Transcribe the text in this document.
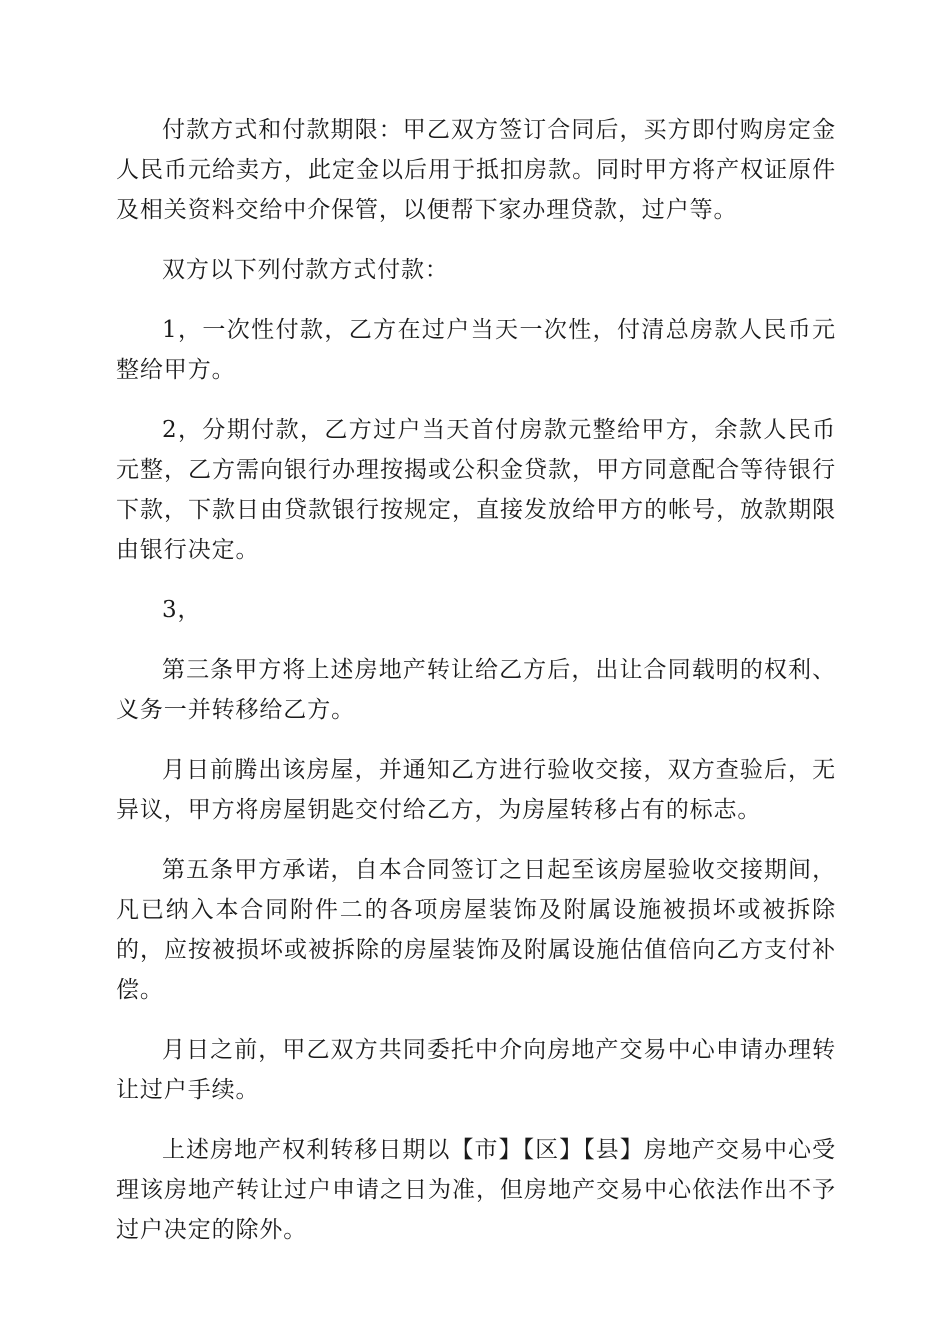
付款方式和付款期限：甲乙双方签订合同后，买方即付购房定金人民币元给卖方，此定金以后用于抵扣房款。同时甲方将产权证原件及相关资料交给中介保管，以便帮下家办理贷款，过户等。

双方以下列付款方式付款：

1，一次性付款，乙方在过户当天一次性，付清总房款人民币元整给甲方。

2，分期付款，乙方过户当天首付房款元整给甲方，余款人民币元整，乙方需向银行办理按揭或公积金贷款，甲方同意配合等待银行下款，下款日由贷款银行按规定，直接发放给甲方的帐号，放款期限由银行决定。

3，

第三条甲方将上述房地产转让给乙方后，出让合同载明的权利、义务一并转移给乙方。

月日前腾出该房屋，并通知乙方进行验收交接，双方查验后，无异议，甲方将房屋钥匙交付给乙方，为房屋转移占有的标志。

第五条甲方承诺，自本合同签订之日起至该房屋验收交接期间，凡已纳入本合同附件二的各项房屋装饰及附属设施被损坏或被拆除的，应按被损坏或被拆除的房屋装饰及附属设施估值倍向乙方支付补偿。

月日之前，甲乙双方共同委托中介向房地产交易中心申请办理转让过户手续。

上述房地产权利转移日期以【市】【区】【县】房地产交易中心受理该房地产转让过户申请之日为准，但房地产交易中心依法作出不予过户决定的除外。
